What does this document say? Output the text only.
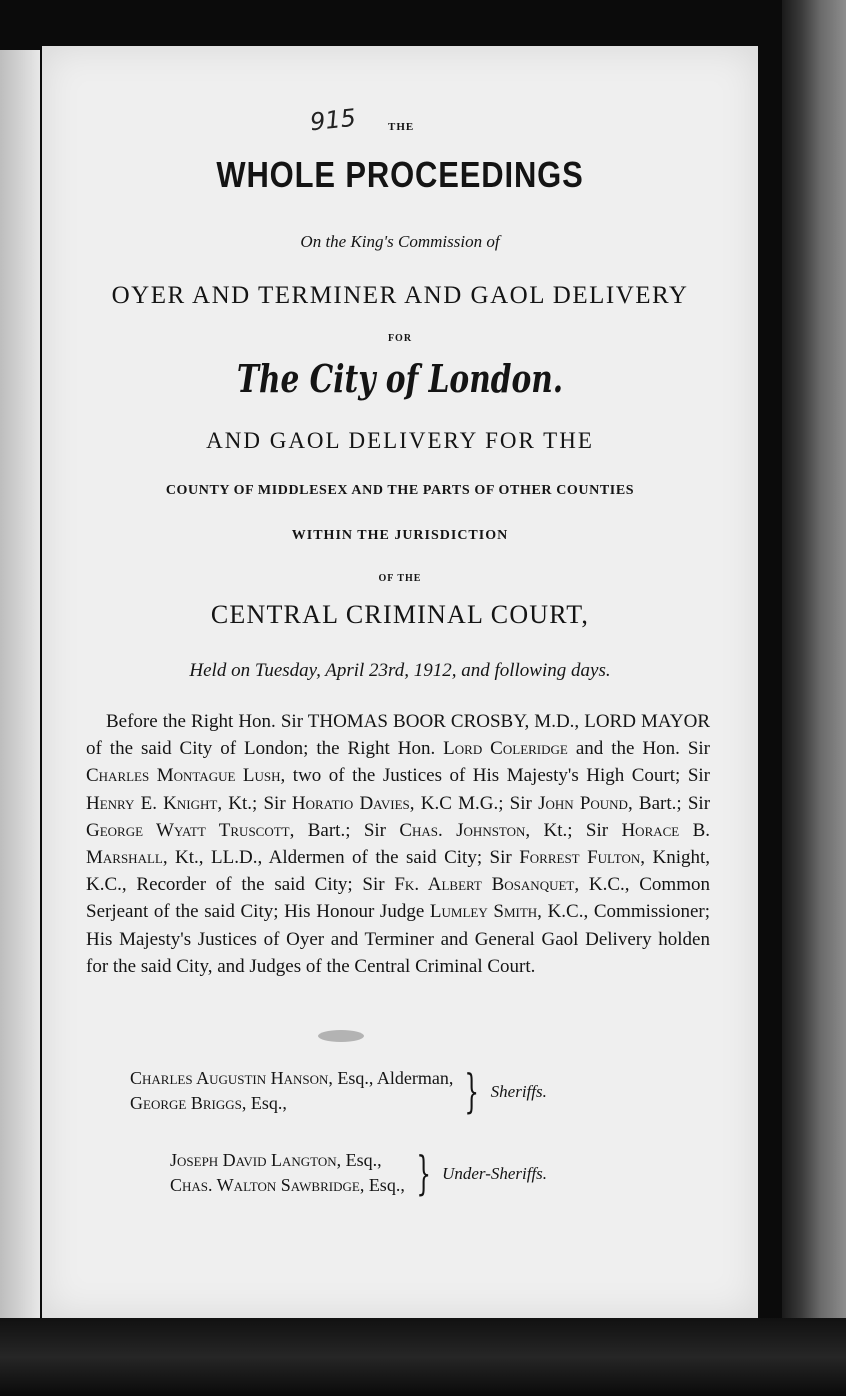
915	THE
WHOLE PROCEEDINGS
On the King's Commission of
OYER AND TERMINER AND GAOL DELIVERY
FOR
The City of London.
AND GAOL DELIVERY FOR THE
COUNTY OF MIDDLESEX AND THE PARTS OF OTHER COUNTIES
WITHIN THE JURISDICTION
OF THE
CENTRAL CRIMINAL COURT,
Held on Tuesday, April 23rd, 1912, and following days.

Before the Right Hon. Sir THOMAS BOOR CROSBY, M.D., LORD MAYOR of the said City of London; the Right Hon. Lord Coleridge and the Hon. Sir Charles Montague Lush, two of the Justices of His Majesty's High Court; Sir Henry E. Knight, Kt.; Sir Horatio Davies, K.C M.G.; Sir John Pound, Bart.; Sir George Wyatt Truscott, Bart.; Sir Chas. Johnston, Kt.; Sir Horace B. Marshall, Kt., LL.D., Aldermen of the said City; Sir Forrest Fulton, Knight, K.C., Recorder of the said City; Sir Fk. Albert Bosanquet, K.C., Common Serjeant of the said City; His Honour Judge Lumley Smith, K.C., Commissioner; His Majesty's Justices of Oyer and Terminer and General Gaol Delivery holden for the said City, and Judges of the Central Criminal Court.

Charles Augustin Hanson, Esq., Alderman,
George Briggs, Esq.,	} Sheriffs.
Joseph David Langton, Esq.,
Chas. Walton Sawbridge, Esq., } Under-Sheriffs.
